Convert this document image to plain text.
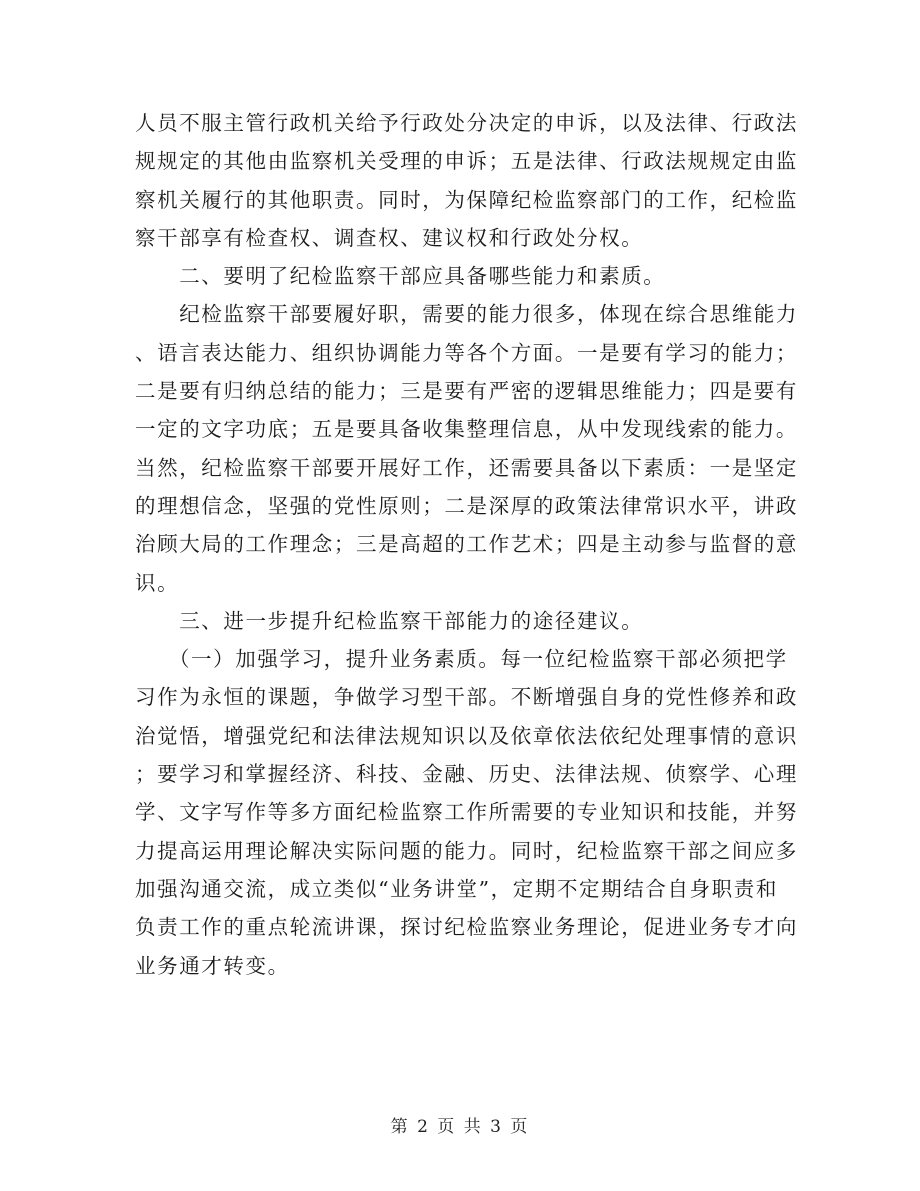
人员不服主管行政机关给予行政处分决定的申诉，以及法律、行政法
规规定的其他由监察机关受理的申诉；五是法律、行政法规规定由监
察机关履行的其他职责。同时，为保障纪检监察部门的工作，纪检监
察干部享有检查权、调查权、建议权和行政处分权。
　　二、要明了纪检监察干部应具备哪些能力和素质。
　　纪检监察干部要履好职，需要的能力很多，体现在综合思维能力
、语言表达能力、组织协调能力等各个方面。一是要有学习的能力；
二是要有归纳总结的能力；三是要有严密的逻辑思维能力；四是要有
一定的文字功底；五是要具备收集整理信息，从中发现线索的能力。
当然，纪检监察干部要开展好工作，还需要具备以下素质：一是坚定
的理想信念，坚强的党性原则；二是深厚的政策法律常识水平，讲政
治顾大局的工作理念；三是高超的工作艺术；四是主动参与监督的意
识。
　　三、进一步提升纪检监察干部能力的途径建议。
　　（一）加强学习，提升业务素质。每一位纪检监察干部必须把学
习作为永恒的课题，争做学习型干部。不断增强自身的党性修养和政
治觉悟，增强党纪和法律法规知识以及依章依法依纪处理事情的意识
；要学习和掌握经济、科技、金融、历史、法律法规、侦察学、心理
学、文字写作等多方面纪检监察工作所需要的专业知识和技能，并努
力提高运用理论解决实际问题的能力。同时，纪检监察干部之间应多
加强沟通交流，成立类似“业务讲堂”，定期不定期结合自身职责和
负责工作的重点轮流讲课，探讨纪检监察业务理论，促进业务专才向
业务通才转变。
第 2 页 共 3 页
